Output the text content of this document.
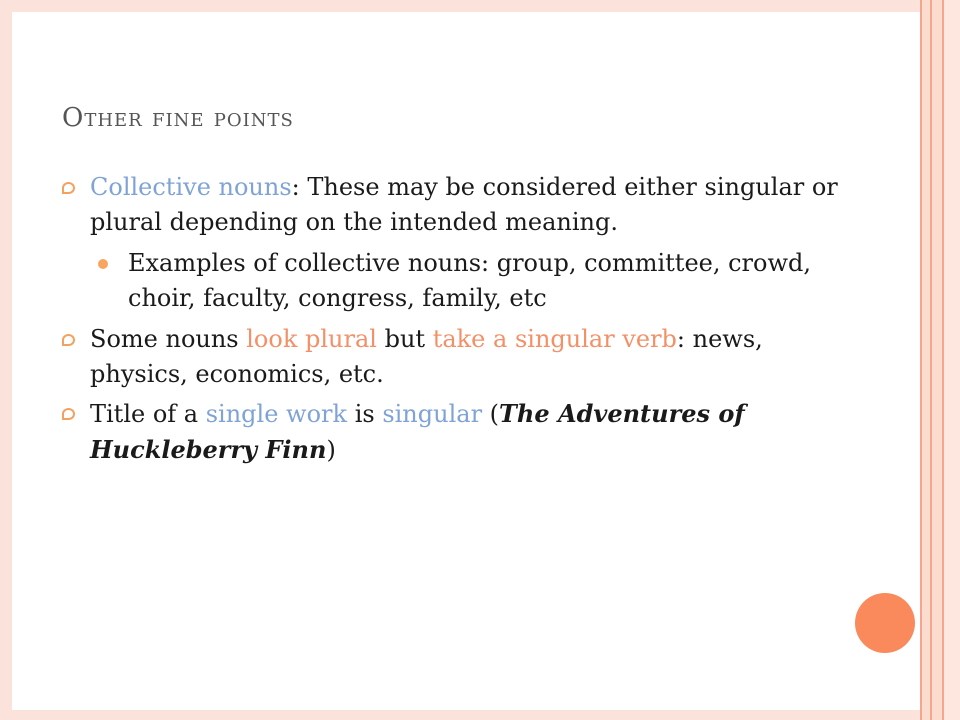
Other fine points
Collective nouns: These may be considered either singular or plural depending on the intended meaning.
Examples of collective nouns: group, committee, crowd, choir, faculty, congress, family, etc
Some nouns look plural but take a singular verb: news, physics, economics, etc.
Title of a single work is singular (The Adventures of Huckleberry Finn)
